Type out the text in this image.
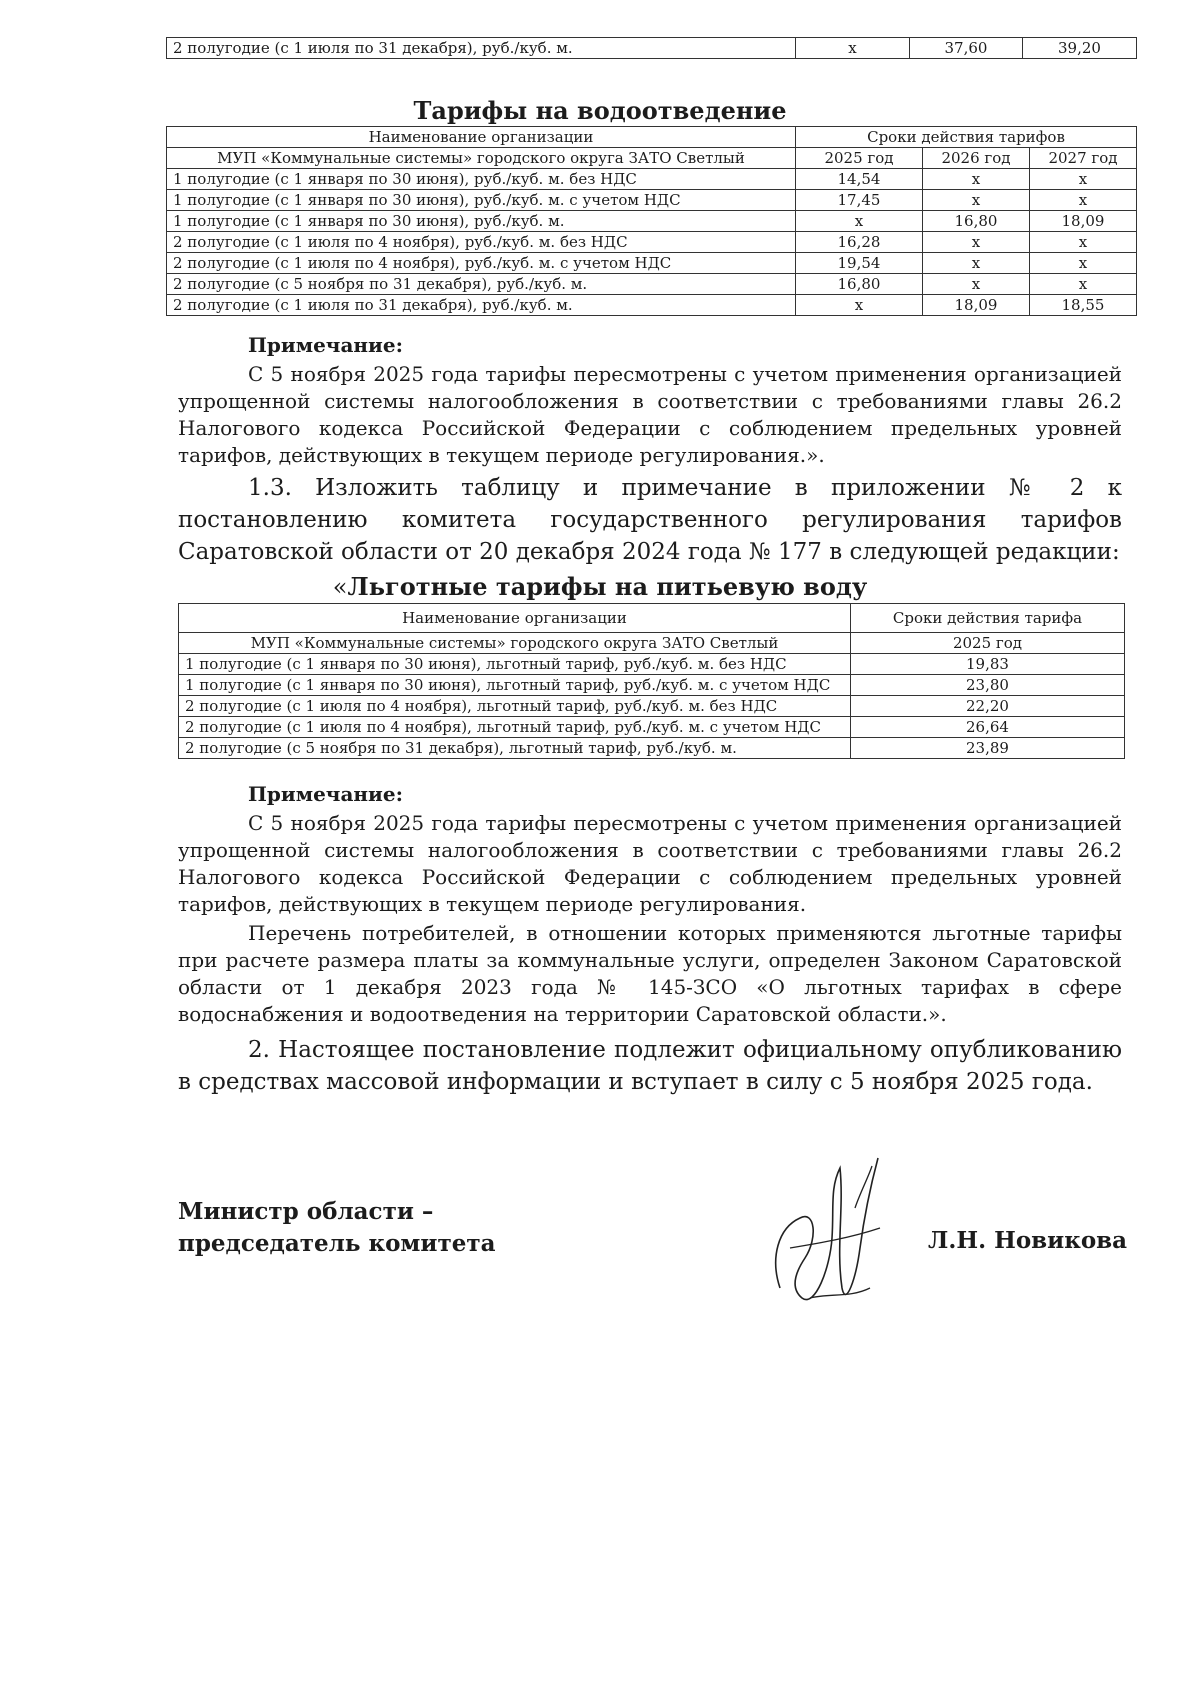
2 полугодие (с 1 июля по 31 декабря), руб./куб. м.	х	37,60	39,20
Тарифы на водоотведение
Наименование организации	Сроки действия тарифов		
МУП «Коммунальные системы» городского округа ЗАТО Светлый	2025 год	2026 год	2027 год
1 полугодие (с 1 января по 30 июня), руб./куб. м. без НДС	14,54	х	х
1 полугодие (с 1 января по 30 июня), руб./куб. м. с учетом НДС	17,45	х	х
1 полугодие (с 1 января по 30 июня), руб./куб. м.	х	16,80	18,09
2 полугодие (с 1 июля по 4 ноября), руб./куб. м. без НДС	16,28	х	х
2 полугодие (с 1 июля по 4 ноября), руб./куб. м. с учетом НДС	19,54	х	х
2 полугодие (с 5 ноября по 31 декабря), руб./куб. м.	16,80	х	х
2 полугодие (с 1 июля по 31 декабря), руб./куб. м.	х	18,09	18,55
Примечание:

С 5 ноября 2025 года тарифы пересмотрены с учетом применения организацией упрощенной системы налогообложения в соответствии с требованиями главы 26.2 Налогового кодекса Российской Федерации с соблюдением предельных уровней тарифов, действующих в текущем периоде регулирования.».

1.3. Изложить таблицу и примечание в приложении № 2 к постановлению комитета государственного регулирования тарифов Саратовской области от 20 декабря 2024 года № 177 в следующей редакции:

«Льготные тарифы на питьевую воду
Наименование организации	Сроки действия тарифа
МУП «Коммунальные системы» городского округа ЗАТО Светлый	2025 год
1 полугодие (с 1 января по 30 июня), льготный тариф, руб./куб. м. без НДС	19,83
1 полугодие (с 1 января по 30 июня), льготный тариф, руб./куб. м. с учетом НДС	23,80
2 полугодие (с 1 июля по 4 ноября), льготный тариф, руб./куб. м. без НДС	22,20
2 полугодие (с 1 июля по 4 ноября), льготный тариф, руб./куб. м. с учетом НДС	26,64
2 полугодие (с 5 ноября по 31 декабря), льготный тариф, руб./куб. м.	23,89
Примечание:

С 5 ноября 2025 года тарифы пересмотрены с учетом применения организацией упрощенной системы налогообложения в соответствии с требованиями главы 26.2 Налогового кодекса Российской Федерации с соблюдением предельных уровней тарифов, действующих в текущем периоде регулирования.

Перечень потребителей, в отношении которых применяются льготные тарифы при расчете размера платы за коммунальные услуги, определен Законом Саратовской области от 1 декабря 2023 года № 145-ЗСО «О льготных тарифах в сфере водоснабжения и водоотведения на территории Саратовской области.».

2. Настоящее постановление подлежит официальному опубликованию в средствах массовой информации и вступает в силу с 5 ноября 2025 года.

Министр области –
председатель комитета	Л.Н. Новикова
